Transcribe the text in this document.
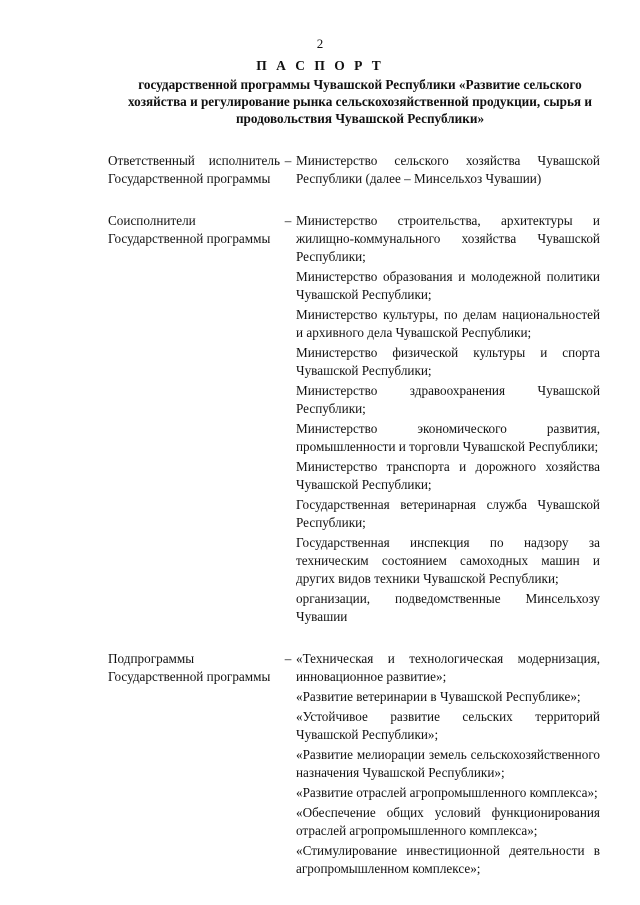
2
П А С П О Р Т
государственной программы Чувашской Республики «Развитие сельского хозяйства и регулирование рынка сельскохозяйственной продукции, сырья и продовольствия Чувашской Республики»
Ответственный исполнитель Государственной программы
– Министерство сельского хозяйства Чувашской Республики (далее – Минсельхоз Чувашии)

Соисполнители Государственной программы
– Министерство строительства, архитектуры и жилищно-коммунального хозяйства Чувашской Республики;

Министерство образования и молодежной политики Чувашской Республики;

Министерство культуры, по делам национальностей и архивного дела Чувашской Республики;

Министерство физической культуры и спорта Чувашской Республики;

Министерство здравоохранения Чувашской Республики;

Министерство экономического развития, промышленности и торговли Чувашской Республики;

Министерство транспорта и дорожного хозяйства Чувашской Республики;

Государственная ветеринарная служба Чувашской Республики;

Государственная инспекция по надзору за техническим состоянием самоходных машин и других видов техники Чувашской Республики;

организации, подведомственные Минсельхозу Чувашии

Подпрограммы Государственной программы
– «Техническая и технологическая модернизация, инновационное развитие»;

«Развитие ветеринарии в Чувашской Республике»;

«Устойчивое развитие сельских территорий Чувашской Республики»;

«Развитие мелиорации земель сельскохозяйственного назначения Чувашской Республики»;

«Развитие отраслей агропромышленного комплекса»;

«Обеспечение общих условий функционирования отраслей агропромышленного комплекса»;

«Стимулирование инвестиционной деятельности в агропромышленном комплексе»;
